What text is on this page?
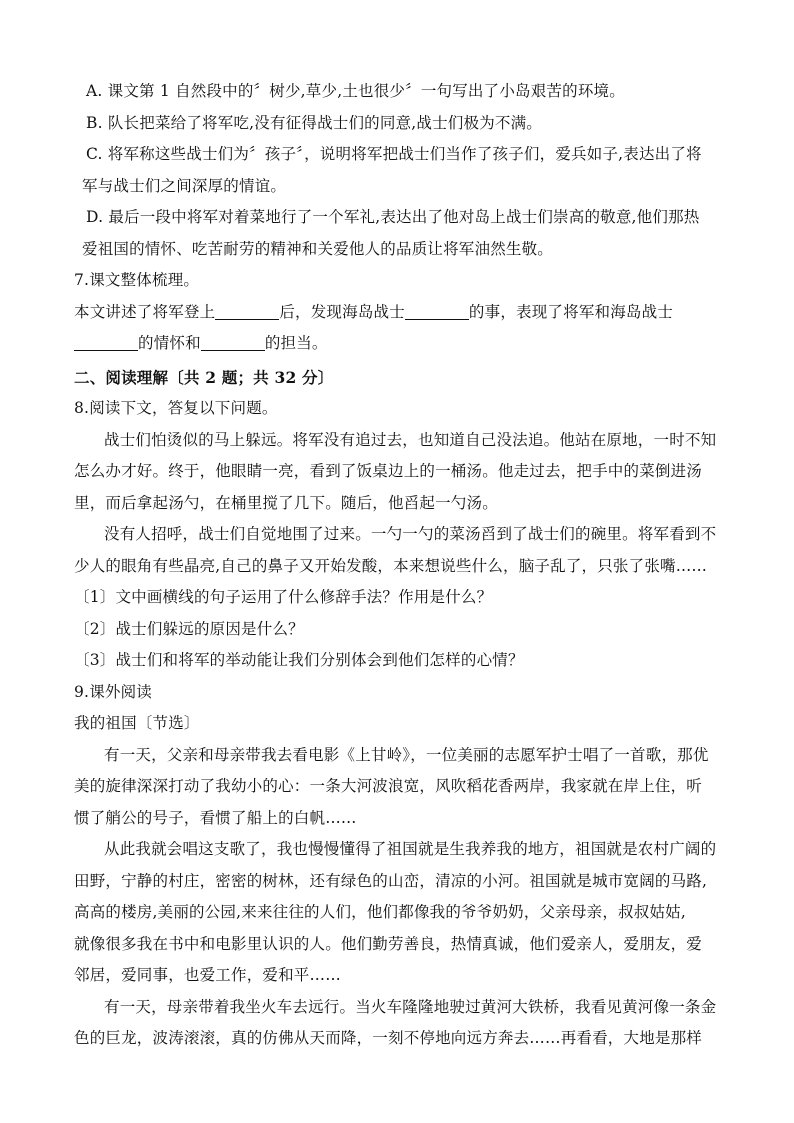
A. 课文第 1 自然段中的〞树少,草少,土也很少〞一句写出了小岛艰苦的环境。
B. 队长把菜给了将军吃,没有征得战士们的同意,战士们极为不满。
C. 将军称这些战士们为〞孩子〞，说明将军把战士们当作了孩子们，爱兵如子,表达出了将
军与战士们之间深厚的情谊。
D. 最后一段中将军对着菜地行了一个军礼,表达出了他对岛上战士们崇高的敬意,他们那热
爱祖国的情怀、吃苦耐劳的精神和关爱他人的品质让将军油然生敬。
7.课文整体梳理。
本文讲述了将军登上	后，发现海岛战士	的事，表现了将军和海岛战士
的情怀和	的担当。
二、阅读理解〔共 2 题；共 32 分〕
8.阅读下文，答复以下问题。
战士们怕烫似的马上躲远。将军没有追过去，也知道自己没法追。他站在原地，一时不知
怎么办才好。终于，他眼睛一亮，看到了饭桌边上的一桶汤。他走过去，把手中的菜倒进汤
里，而后拿起汤勺，在桶里搅了几下。随后，他舀起一勺汤。
没有人招呼，战士们自觉地围了过来。一勺一勺的菜汤舀到了战士们的碗里。将军看到不
少人的眼角有些晶亮,自己的鼻子又开始发酸，本来想说些什么，脑子乱了，只张了张嘴……
〔1〕文中画横线的句子运用了什么修辞手法？作用是什么？
〔2〕战士们躲远的原因是什么？
〔3〕战士们和将军的举动能让我们分别体会到他们怎样的心情？
9.课外阅读
我的祖国〔节选〕
有一天，父亲和母亲带我去看电影《上甘岭》，一位美丽的志愿军护士唱了一首歌，那优
美的旋律深深打动了我幼小的心：一条大河波浪宽，风吹稻花香两岸，我家就在岸上住，听
惯了艄公的号子，看惯了船上的白帆……
从此我就会唱这支歌了，我也慢慢懂得了祖国就是生我养我的地方，祖国就是农村广阔的
田野，宁静的村庄，密密的树林，还有绿色的山峦，清凉的小河。祖国就是城市宽阔的马路,
高高的楼房,美丽的公园,来来往往的人们，他们都像我的爷爷奶奶，父亲母亲，叔叔姑姑,
就像很多我在书中和电影里认识的人。他们勤劳善良，热情真诚，他们爱亲人，爱朋友，爱
邻居，爱同事，也爱工作，爱和平……
有一天，母亲带着我坐火车去远行。当火车隆隆地驶过黄河大铁桥，我看见黄河像一条金
色的巨龙，波涛滚滚，真的仿佛从天而降，一刻不停地向远方奔去……再看看，大地是那样
